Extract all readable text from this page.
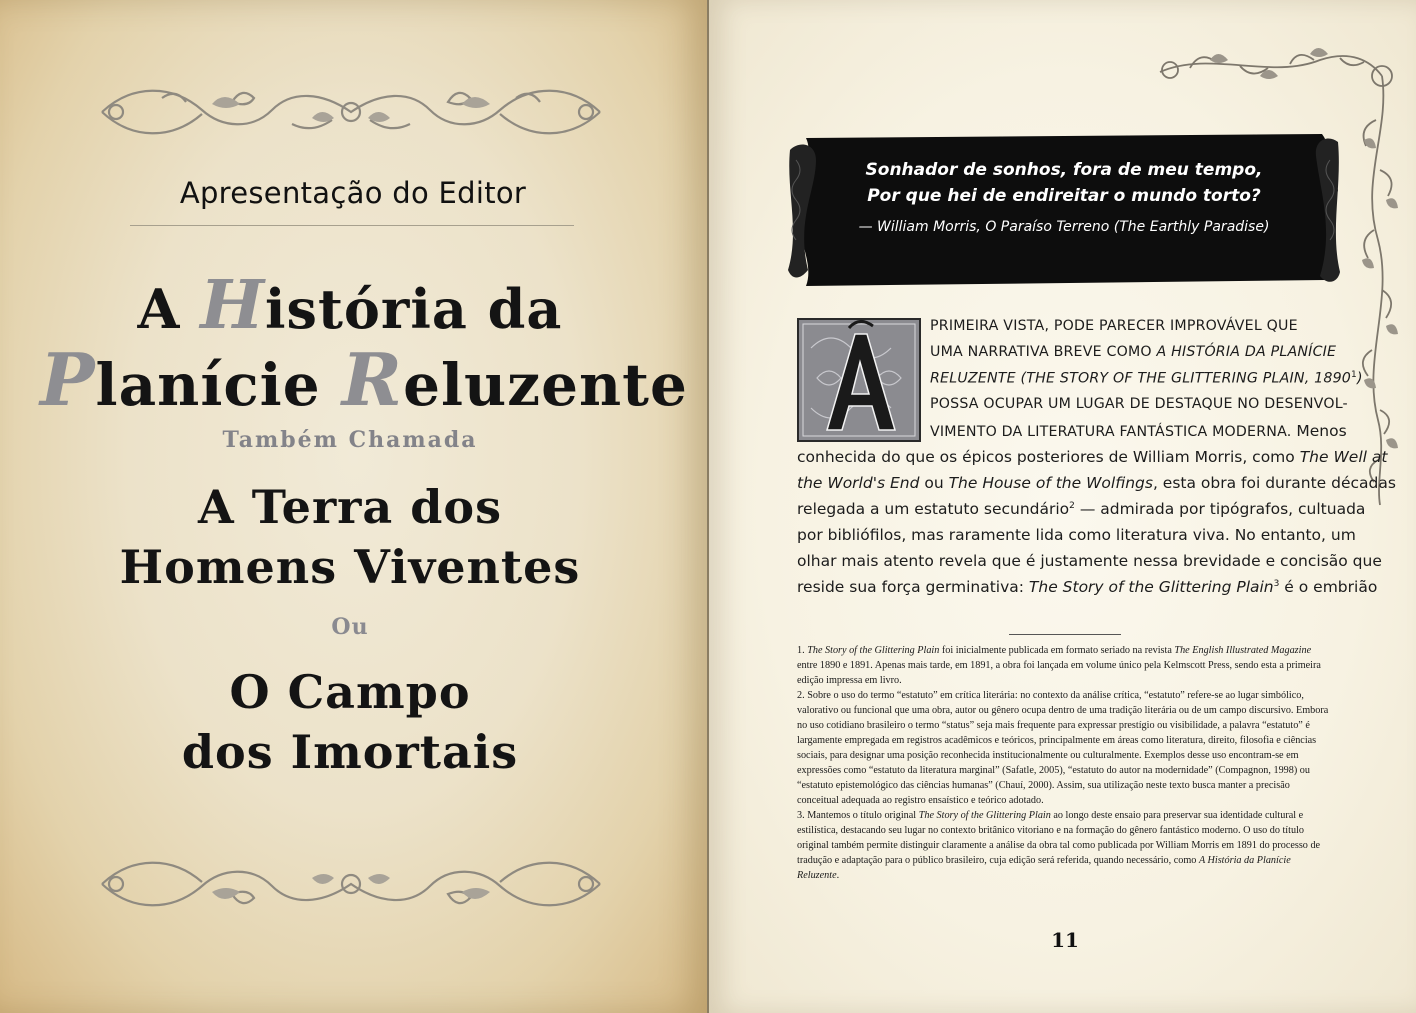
Apresentação do Editor
A História da
Planície Reluzente
Também Chamada
A Terra dos
Homens Viventes
Ou
O Campo
dos Imortais
Sonhador de sonhos, fora de meu tempo,
Por que hei de endireitar o mundo torto?
— William Morris, O Paraíso Terreno (The Earthly Paradise)
PRIMEIRA VISTA, PODE PARECER IMPROVÁVEL QUE
UMA NARRATIVA BREVE COMO A HISTÓRIA DA PLANÍCIE
RELUZENTE (THE STORY OF THE GLITTERING PLAIN, 1890$^1$)
POSSA OCUPAR UM LUGAR DE DESTAQUE NO DESENVOL-
VIMENTO DA LITERATURA FANTÁSTICA MODERNA. Menos
conhecida do que os épicos posteriores de William Morris, como The Well at
the World's End ou The House of the Wolfings, esta obra foi durante décadas
relegada a um estatuto secundário$^2$ — admirada por tipógrafos, cultuada
por bibliófilos, mas raramente lida como literatura viva. No entanto, um
olhar mais atento revela que é justamente nessa brevidade e concisão que
reside sua força germinativa: The Story of the Glittering Plain$^3$ é o embrião
1. The Story of the Glittering Plain foi inicialmente publicada em formato seriado na revista The English Illustrated Magazine entre 1890 e 1891. Apenas mais tarde, em 1891, a obra foi lançada em volume único pela Kelmscott Press, sendo esta a primeira edição impressa em livro.
2. Sobre o uso do termo “estatuto” em crítica literária: no contexto da análise crítica, “estatuto” refere-se ao lugar simbólico, valorativo ou funcional que uma obra, autor ou gênero ocupa dentro de uma tradição literária ou de um campo discursivo. Embora no uso cotidiano brasileiro o termo “status” seja mais frequente para expressar prestígio ou visibilidade, a palavra “estatuto” é largamente empregada em registros acadêmicos e teóricos, principalmente em áreas como literatura, direito, filosofia e ciências sociais, para designar uma posição reconhecida institucionalmente ou culturalmente. Exemplos desse uso encontram-se em expressões como “estatuto da literatura marginal” (Safatle, 2005), “estatuto do autor na modernidade” (Compagnon, 1998) ou “estatuto epistemológico das ciências humanas” (Chauí, 2000). Assim, sua utilização neste texto busca manter a precisão conceitual adequada ao registro ensaístico e teórico adotado.
3. Mantemos o título original The Story of the Glittering Plain ao longo deste ensaio para preservar sua identidade cultural e estilística, destacando seu lugar no contexto britânico vitoriano e na formação do gênero fantástico moderno. O uso do título original também permite distinguir claramente a análise da obra tal como publicada por William Morris em 1891 do processo de tradução e adaptação para o público brasileiro, cuja edição será referida, quando necessário, como A História da Planície Reluzente.
11
